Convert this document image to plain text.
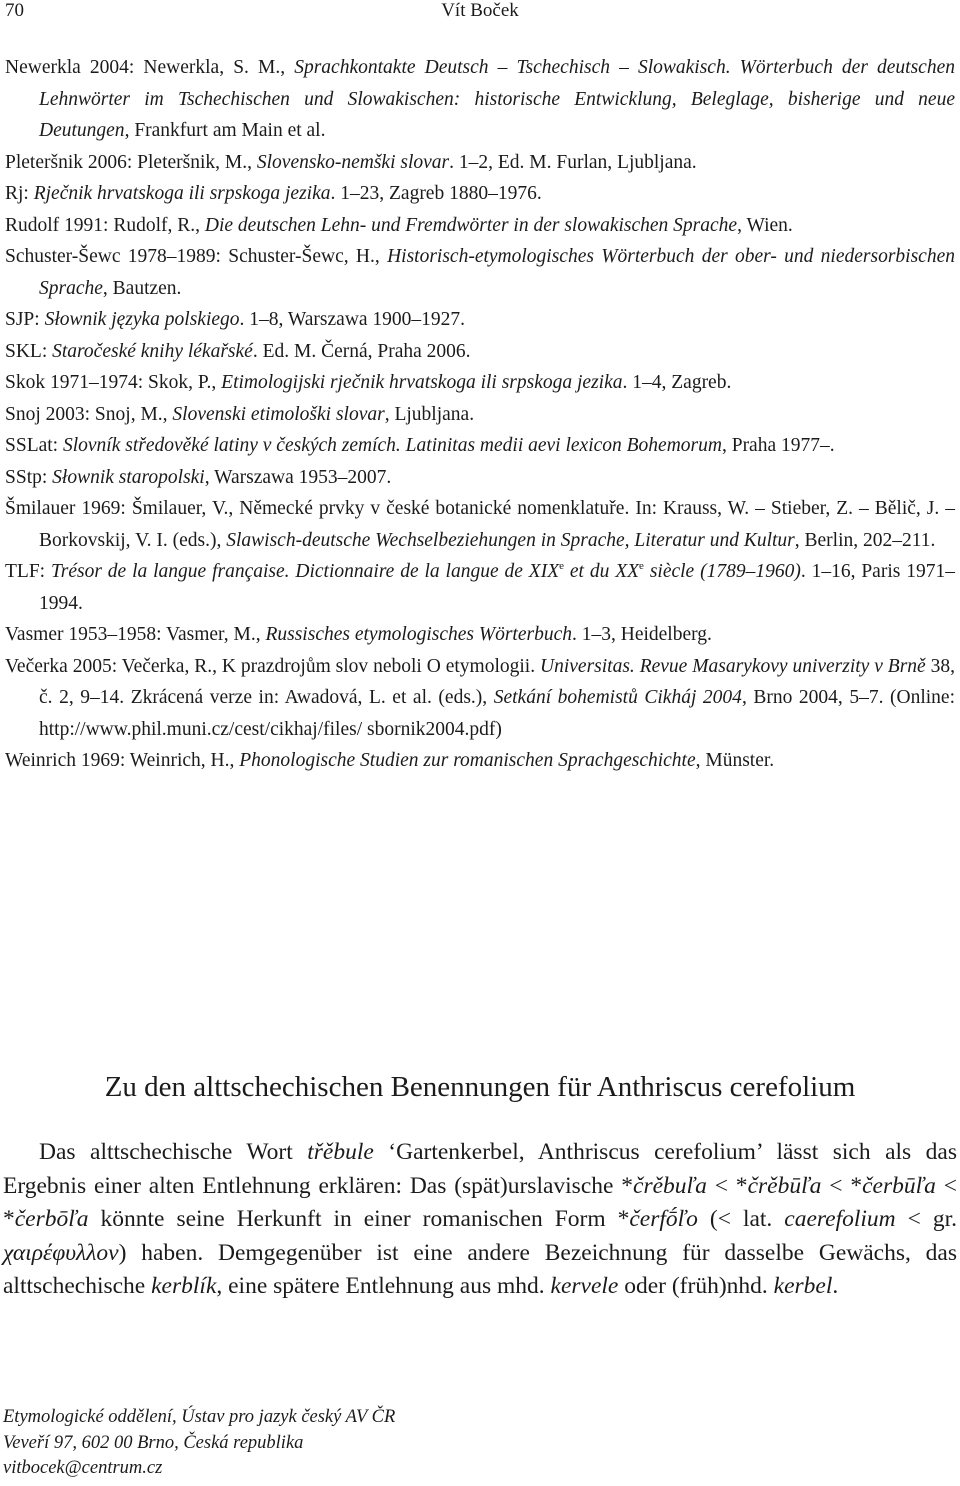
70	Vít Boček

Newerkla 2004: Newerkla, S. M., Sprachkontakte Deutsch – Tschechisch – Slowakisch. Wörterbuch der deutschen Lehnwörter im Tschechischen und Slowakischen: historische Entwicklung, Beleglage, bisherige und neue Deutungen, Frankfurt am Main et al.

Pleteršnik 2006: Pleteršnik, M., Slovensko-nemški slovar. 1–2, Ed. M. Furlan, Ljubljana.

Rj: Rječnik hrvatskoga ili srpskoga jezika. 1–23, Zagreb 1880–1976.

Rudolf 1991: Rudolf, R., Die deutschen Lehn- und Fremdwörter in der slowakischen Sprache, Wien.

Schuster-Šewc 1978–1989: Schuster-Šewc, H., Historisch-etymologisches Wörterbuch der ober- und niedersorbischen Sprache, Bautzen.

SJP: Słownik języka polskiego. 1–8, Warszawa 1900–1927.

SKL: Staročeské knihy lékařské. Ed. M. Černá, Praha 2006.

Skok 1971–1974: Skok, P., Etimologijski rječnik hrvatskoga ili srpskoga jezika. 1–4, Zagreb.

Snoj 2003: Snoj, M., Slovenski etimološki slovar, Ljubljana.

SSLat: Slovník středověké latiny v českých zemích. Latinitas medii aevi lexicon Bohemorum, Praha 1977–.

SStp: Słownik staropolski, Warszawa 1953–2007.

Šmilauer 1969: Šmilauer, V., Německé prvky v české botanické nomenklatuře. In: Krauss, W. – Stieber, Z. – Bělič, J. – Borkovskij, V. I. (eds.), Slawisch-deutsche Wechselbeziehungen in Sprache, Literatur und Kultur, Berlin, 202–211.

TLF: Trésor de la langue française. Dictionnaire de la langue de XIXe et du XXe siècle (1789–1960). 1–16, Paris 1971–1994.

Vasmer 1953–1958: Vasmer, M., Russisches etymologisches Wörterbuch. 1–3, Heidelberg.

Večerka 2005: Večerka, R., K prazdrojům slov neboli O etymologii. Universitas. Revue Masarykovy univerzity v Brně 38, č. 2, 9–14. Zkrácená verze in: Awadová, L. et al. (eds.), Setkání bohemistů Cikháj 2004, Brno 2004, 5–7. (Online: http://www.phil.muni.cz/cest/cikhaj/files/ sbornik2004.pdf)

Weinrich 1969: Weinrich, H., Phonologische Studien zur romanischen Sprachgeschichte, Münster.

Zu den alttschechischen Benennungen für Anthriscus cerefolium

Das alttschechische Wort třěbule ‘Gartenkerbel, Anthriscus cerefolium’ lässt sich als das Ergebnis einer alten Entlehnung erklären: Das (spät)urslavische *črěbuľa < *črěbūľa < *čerbūľa < *čerbōľa könnte seine Herkunft in einer romanischen Form *čerfṓľo (< lat. caerefolium < gr. χαιρέφυλλον) haben. Demgegenüber ist eine andere Bezeichnung für dasselbe Gewächs, das alttschechische kerblík, eine spätere Entlehnung aus mhd. kervele oder (früh)nhd. kerbel.

Etymologické oddělení, Ústav pro jazyk český AV ČR
Veveří 97, 602 00 Brno, Česká republika
vitbocek@centrum.cz
